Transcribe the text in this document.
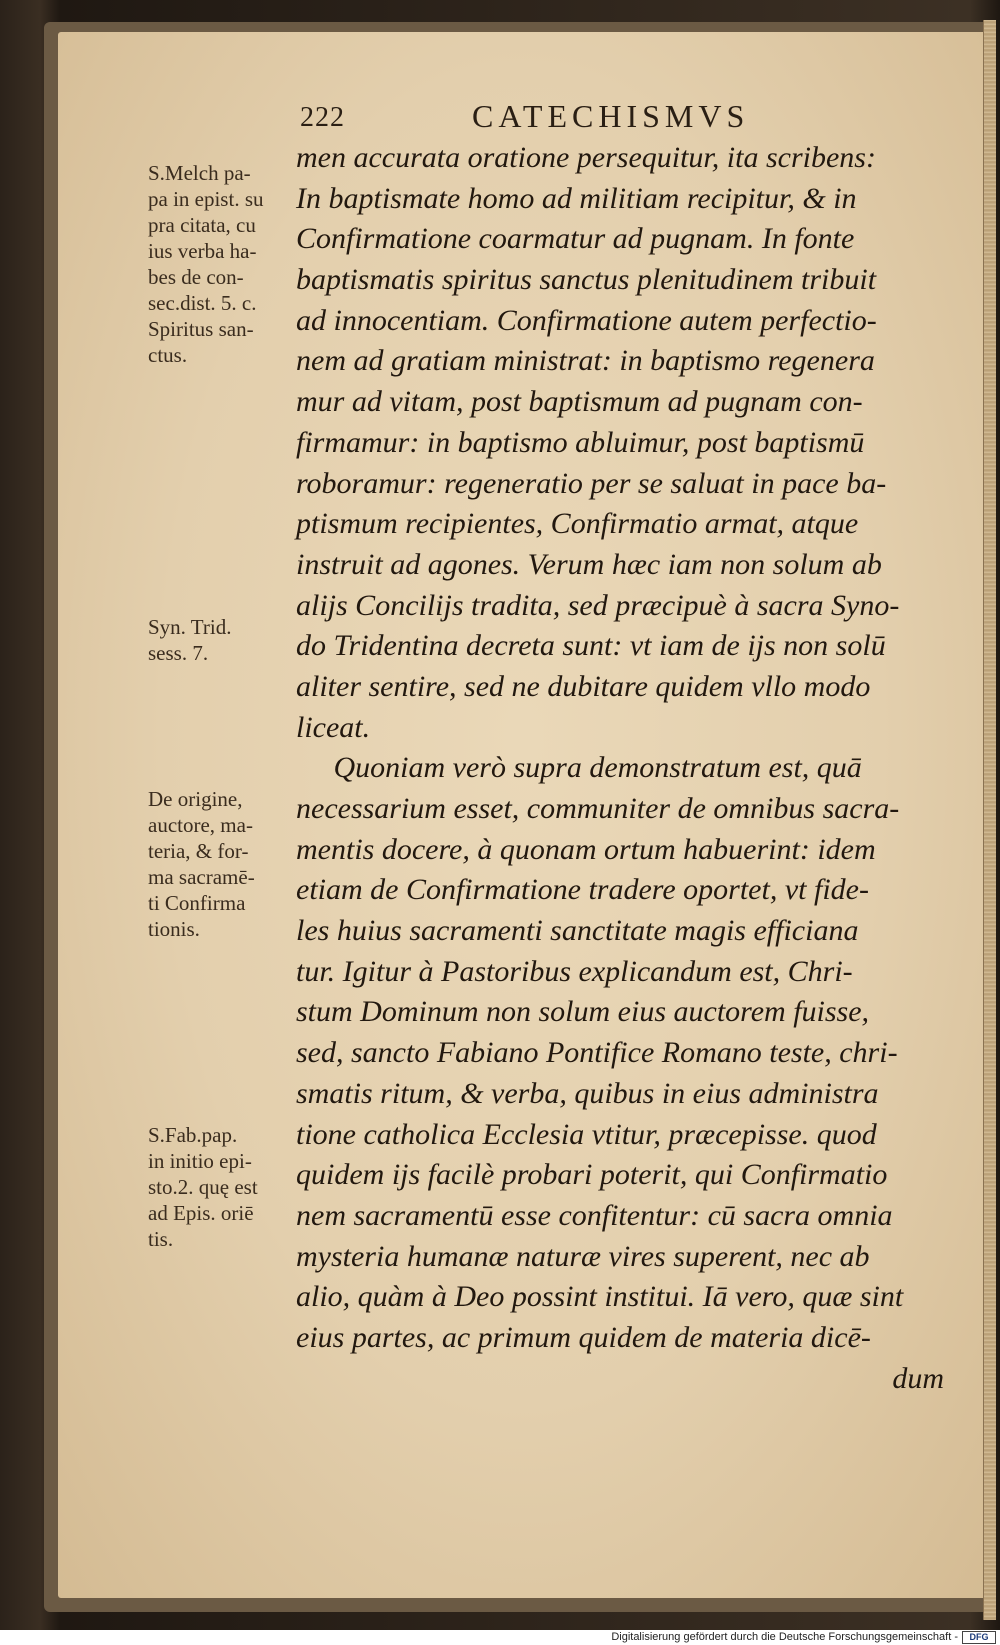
222	CATECHISMVS
S.Melch pa-
pa in epist. su
pra citata, cu
ius verba ha-
bes de con-
sec.dist. 5. c.
Spiritus san-
ctus.
Syn. Trid.
sess. 7.
De origine,
auctore, ma-
teria, & for-
ma sacramē-
ti Confirma
tionis.
S.Fab.pap.
in initio epi-
sto.2. quę est
ad Epis. oriē
tis.
men accurata oratione persequitur, ita scribens:
In baptismate homo ad militiam recipitur, & in
Confirmatione coarmatur ad pugnam. In fonte
baptismatis spiritus sanctus plenitudinem tribuit
ad innocentiam. Confirmatione autem perfectio-
nem ad gratiam ministrat: in baptismo regenera
mur ad vitam, post baptismum ad pugnam con-
firmamur: in baptismo abluimur, post baptismū
roboramur: regeneratio per se saluat in pace ba-
ptismum recipientes, Confirmatio armat, atque
instruit ad agones. Verum hæc iam non solum ab
alijs Concilijs tradita, sed præcipuè à sacra Syno-
do Tridentina decreta sunt: vt iam de ijs non solū
aliter sentire, sed ne dubitare quidem vllo modo
liceat.
Quoniam verò supra demonstratum est, quā
necessarium esset, communiter de omnibus sacra-
mentis docere, à quonam ortum habuerint: idem
etiam de Confirmatione tradere oportet, vt fide-
les huius sacramenti sanctitate magis efficiana
tur. Igitur à Pastoribus explicandum est, Chri-
stum Dominum non solum eius auctorem fuisse,
sed, sancto Fabiano Pontifice Romano teste, chri-
smatis ritum, & verba, quibus in eius administra
tione catholica Ecclesia vtitur, præcepisse. quod
quidem ijs facilè probari poterit, qui Confirmatio
nem sacramentū esse confitentur: cū sacra omnia
mysteria humanæ naturæ vires superent, nec ab
alio, quàm à Deo possint institui. Iā vero, quæ sint
eius partes, ac primum quidem de materia dicē-
dum
Digitalisierung gefördert durch die Deutsche Forschungsgemeinschaft -	DFG
